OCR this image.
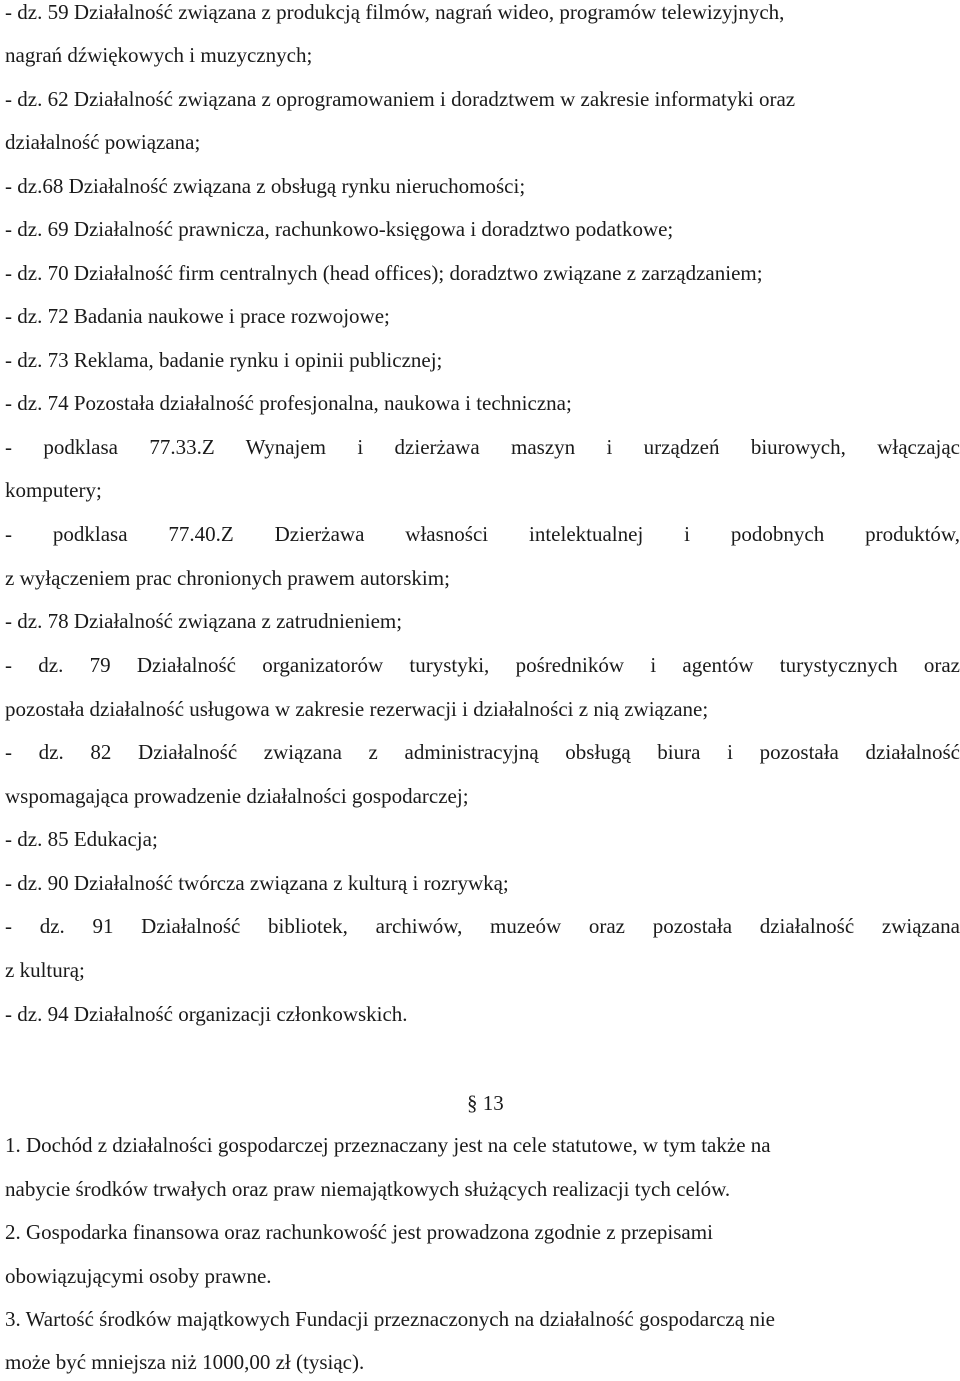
- dz. 59 Działalność związana z produkcją filmów, nagrań wideo, programów telewizyjnych,
nagrań dźwiękowych i muzycznych;
- dz. 62 Działalność związana z oprogramowaniem i doradztwem w zakresie informatyki oraz
działalność powiązana;
- dz.68 Działalność związana z obsługą rynku nieruchomości;
- dz. 69 Działalność prawnicza, rachunkowo-księgowa i doradztwo podatkowe;
- dz. 70 Działalność firm centralnych (head offices); doradztwo związane z zarządzaniem;
- dz. 72 Badania naukowe i prace rozwojowe;
- dz. 73 Reklama, badanie rynku i opinii publicznej;
- dz. 74 Pozostała działalność profesjonalna, naukowa i techniczna;
- podklasa 77.33.Z Wynajem i dzierżawa maszyn i urządzeń biurowych, włączając
komputery;
- podklasa 77.40.Z Dzierżawa własności intelektualnej i podobnych produktów,
z wyłączeniem prac chronionych prawem autorskim;
- dz. 78 Działalność związana z zatrudnieniem;
- dz. 79 Działalność organizatorów turystyki, pośredników i agentów turystycznych oraz
pozostała działalność usługowa w zakresie rezerwacji i działalności z nią związane;
- dz. 82 Działalność związana z administracyjną obsługą biura i pozostała działalność
wspomagająca prowadzenie działalności gospodarczej;
- dz. 85 Edukacja;
- dz. 90 Działalność twórcza związana z kulturą i rozrywką;
- dz. 91 Działalność bibliotek, archiwów, muzeów oraz pozostała działalność związana
z kulturą;
- dz. 94 Działalność organizacji członkowskich.
§ 13
1. Dochód z działalności gospodarczej przeznaczany jest na cele statutowe, w tym także na
nabycie środków trwałych oraz praw niemajątkowych służących realizacji tych celów.
2. Gospodarka finansowa oraz rachunkowość jest prowadzona zgodnie z przepisami
obowiązującymi osoby prawne.
3. Wartość środków majątkowych Fundacji przeznaczonych na działalność gospodarczą nie
może być mniejsza niż 1000,00 zł (tysiąc).
